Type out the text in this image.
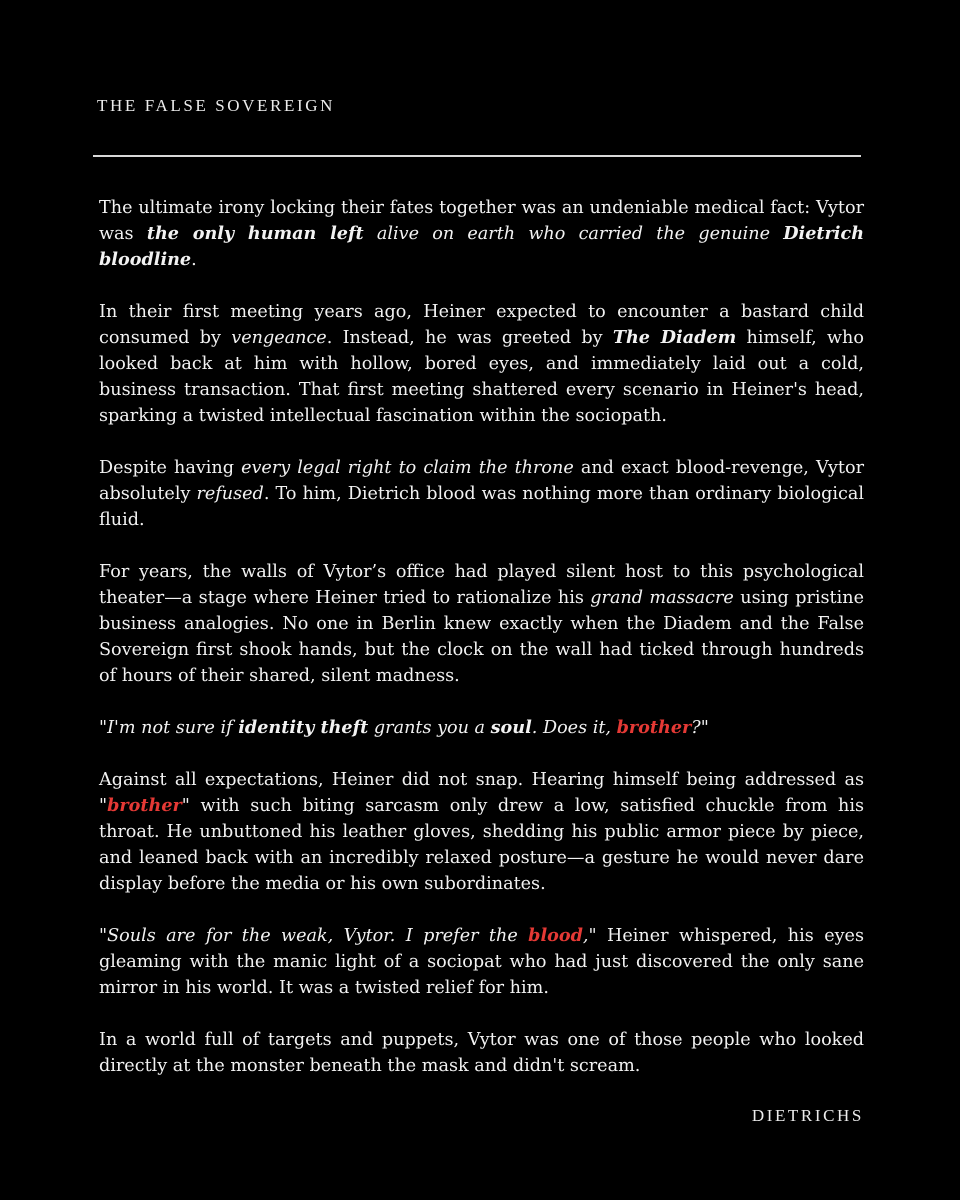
THE FALSE SOVEREIGN

The ultimate irony locking their fates together was an undeniable medical fact: Vytor was the only human left alive on earth who carried the genuine Dietrich bloodline.

In their first meeting years ago, Heiner expected to encounter a bastard child consumed by vengeance. Instead, he was greeted by The Diadem himself, who looked back at him with hollow, bored eyes, and immediately laid out a cold, business transaction. That first meeting shattered every scenario in Heiner's head, sparking a twisted intellectual fascination within the sociopath.

Despite having every legal right to claim the throne and exact blood-revenge, Vytor absolutely refused. To him, Dietrich blood was nothing more than ordinary biological fluid.

For years, the walls of Vytor’s office had played silent host to this psychological theater—a stage where Heiner tried to rationalize his grand massacre using pristine business analogies. No one in Berlin knew exactly when the Diadem and the False Sovereign first shook hands, but the clock on the wall had ticked through hundreds of hours of their shared, silent madness.

"I'm not sure if identity theft grants you a soul. Does it, brother?"

Against all expectations, Heiner did not snap. Hearing himself being addressed as "brother" with such biting sarcasm only drew a low, satisfied chuckle from his throat. He unbuttoned his leather gloves, shedding his public armor piece by piece, and leaned back with an incredibly relaxed posture—a gesture he would never dare display before the media or his own subordinates.

"Souls are for the weak, Vytor. I prefer the blood," Heiner whispered, his eyes gleaming with the manic light of a sociopat who had just discovered the only sane mirror in his world. It was a twisted relief for him.

In a world full of targets and puppets, Vytor was one of those people who looked directly at the monster beneath the mask and didn't scream.

DIETRICHS
